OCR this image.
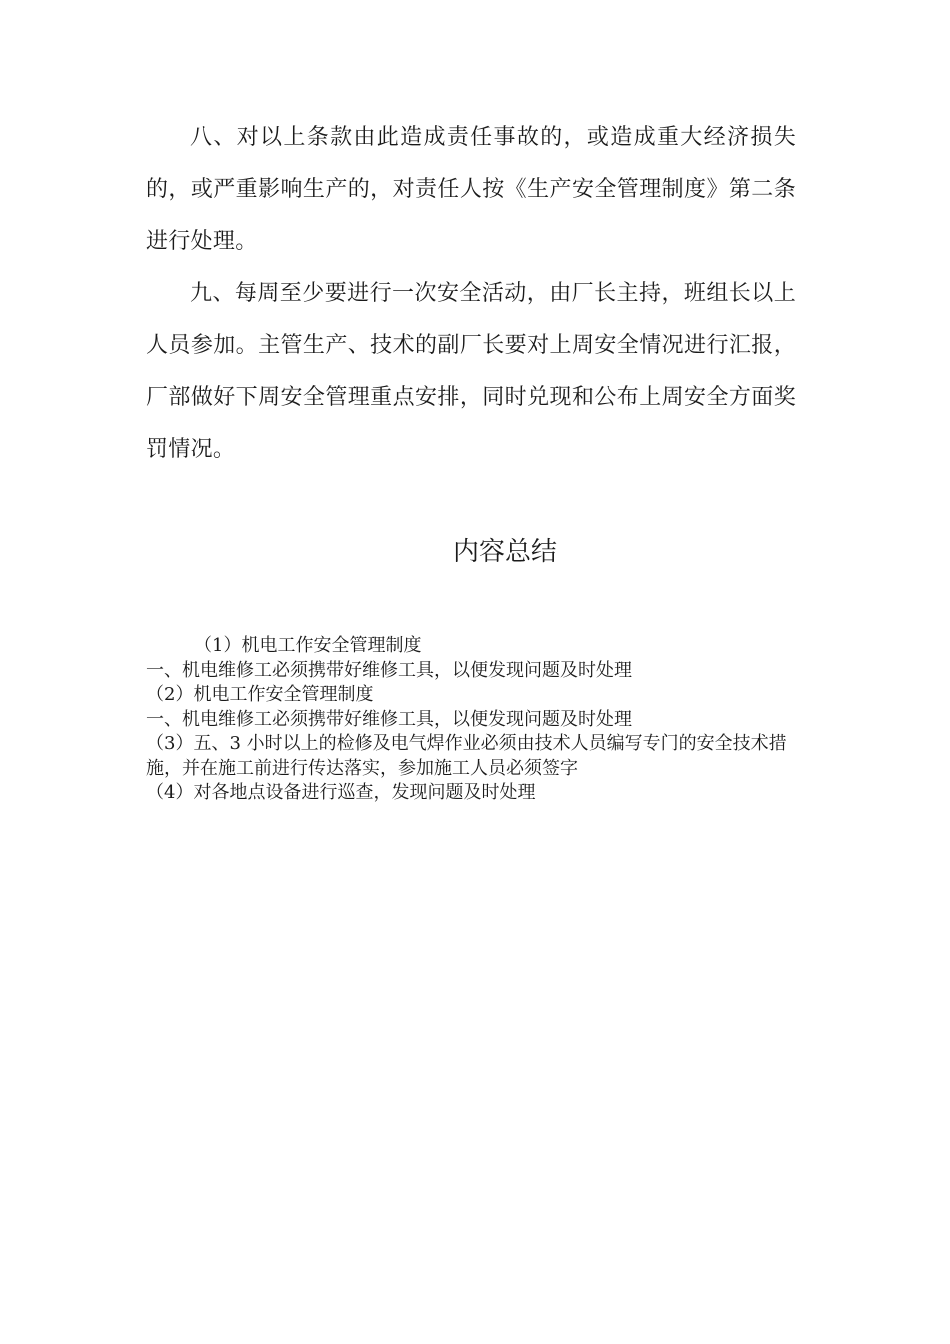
八、对以上条款由此造成责任事故的，或造成重大经济损失的，或严重影响生产的，对责任人按《生产安全管理制度》第二条进行处理。

九、每周至少要进行一次安全活动，由厂长主持，班组长以上人员参加。主管生产、技术的副厂长要对上周安全情况进行汇报，厂部做好下周安全管理重点安排，同时兑现和公布上周安全方面奖罚情况。

内容总结
（1）机电工作安全管理制度
一、机电维修工必须携带好维修工具，以便发现问题及时处理
（2）机电工作安全管理制度
一、机电维修工必须携带好维修工具，以便发现问题及时处理
（3）五、3 小时以上的检修及电气焊作业必须由技术人员编写专门的安全技术措施，并在施工前进行传达落实，参加施工人员必须签字
（4）对各地点设备进行巡查，发现问题及时处理
